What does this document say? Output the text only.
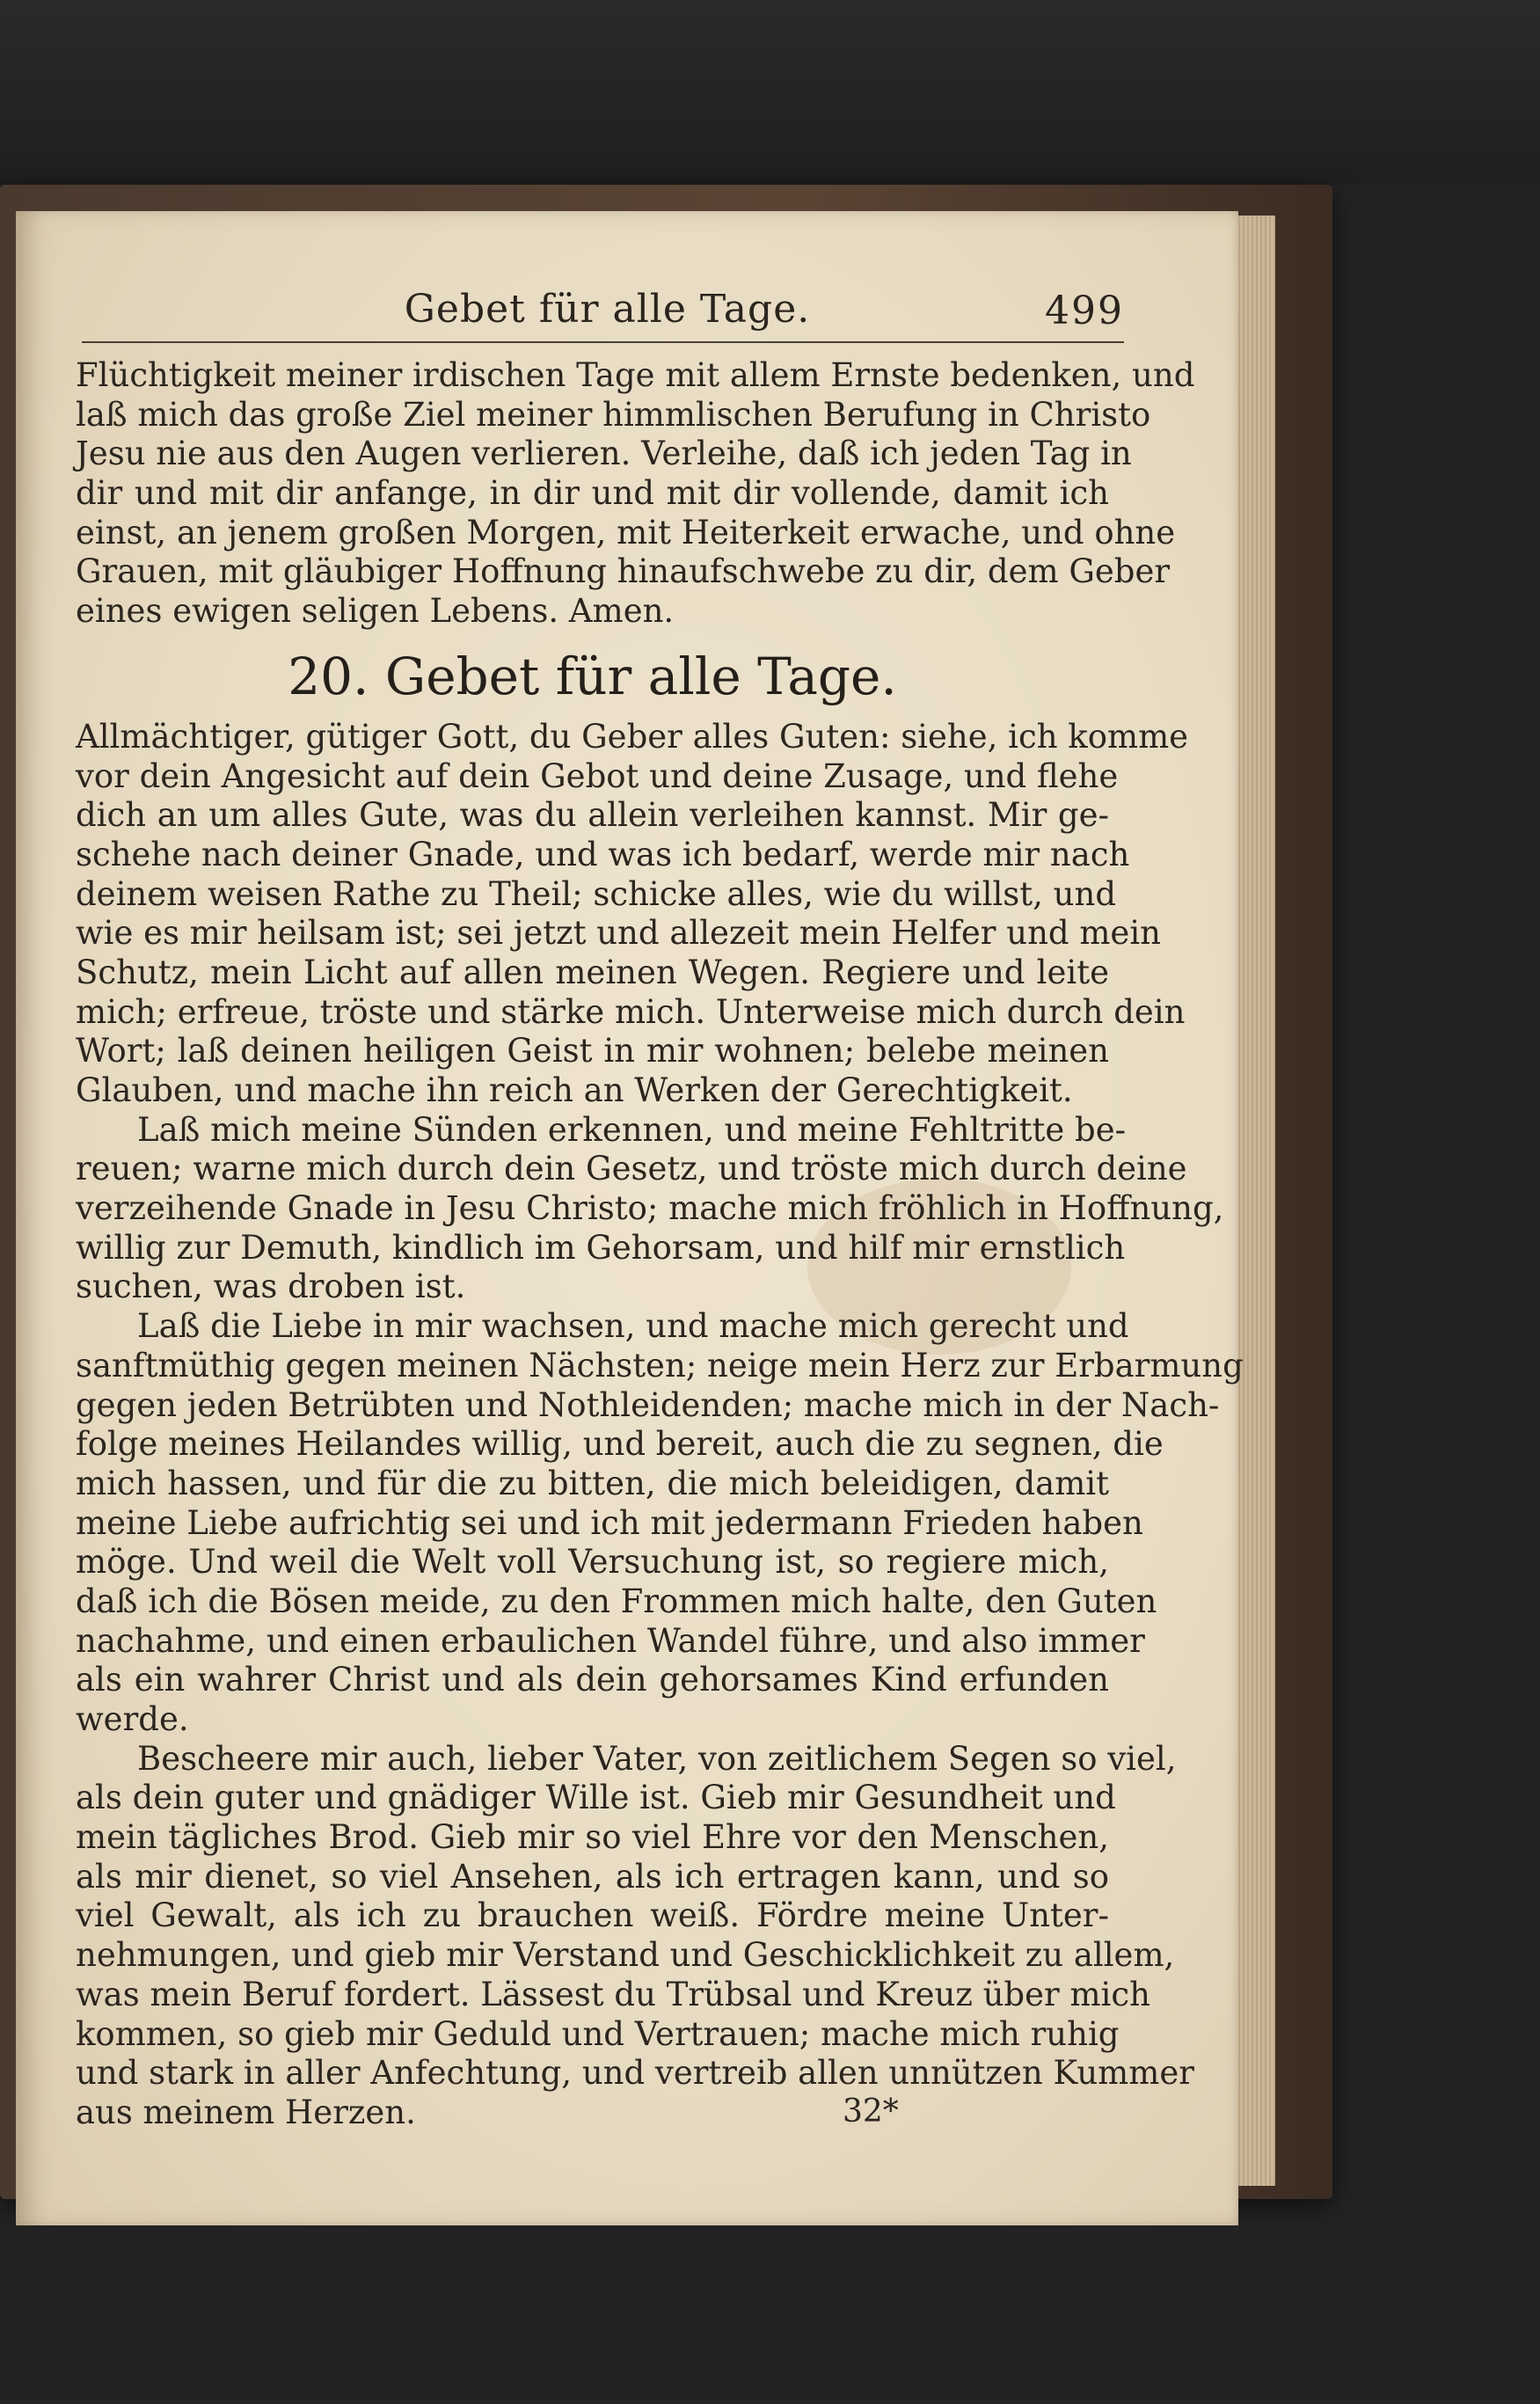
Gebet für alle Tage.	499
Flüchtigkeit meiner irdischen Tage mit allem Ernste bedenken, und
laß mich das große Ziel meiner himmlischen Berufung in Christo
Jesu nie aus den Augen verlieren. Verleihe, daß ich jeden Tag in
dir und mit dir anfange, in dir und mit dir vollende, damit ich
einst, an jenem großen Morgen, mit Heiterkeit erwache, und ohne
Grauen, mit gläubiger Hoffnung hinaufschwebe zu dir, dem Geber
eines ewigen seligen Lebens. Amen.
20. Gebet für alle Tage.
Allmächtiger, gütiger Gott, du Geber alles Guten: siehe, ich komme
vor dein Angesicht auf dein Gebot und deine Zusage, und flehe
dich an um alles Gute, was du allein verleihen kannst. Mir ge-
schehe nach deiner Gnade, und was ich bedarf, werde mir nach
deinem weisen Rathe zu Theil; schicke alles, wie du willst, und
wie es mir heilsam ist; sei jetzt und allezeit mein Helfer und mein
Schutz, mein Licht auf allen meinen Wegen. Regiere und leite
mich; erfreue, tröste und stärke mich. Unterweise mich durch dein
Wort; laß deinen heiligen Geist in mir wohnen; belebe meinen
Glauben, und mache ihn reich an Werken der Gerechtigkeit.
Laß mich meine Sünden erkennen, und meine Fehltritte be-
reuen; warne mich durch dein Gesetz, und tröste mich durch deine
verzeihende Gnade in Jesu Christo; mache mich fröhlich in Hoffnung,
willig zur Demuth, kindlich im Gehorsam, und hilf mir ernstlich
suchen, was droben ist.
Laß die Liebe in mir wachsen, und mache mich gerecht und
sanftmüthig gegen meinen Nächsten; neige mein Herz zur Erbarmung
gegen jeden Betrübten und Nothleidenden; mache mich in der Nach-
folge meines Heilandes willig, und bereit, auch die zu segnen, die
mich hassen, und für die zu bitten, die mich beleidigen, damit
meine Liebe aufrichtig sei und ich mit jedermann Frieden haben
möge. Und weil die Welt voll Versuchung ist, so regiere mich,
daß ich die Bösen meide, zu den Frommen mich halte, den Guten
nachahme, und einen erbaulichen Wandel führe, und also immer
als ein wahrer Christ und als dein gehorsames Kind erfunden
werde.
Bescheere mir auch, lieber Vater, von zeitlichem Segen so viel,
als dein guter und gnädiger Wille ist. Gieb mir Gesundheit und
mein tägliches Brod. Gieb mir so viel Ehre vor den Menschen,
als mir dienet, so viel Ansehen, als ich ertragen kann, und so
viel Gewalt, als ich zu brauchen weiß. Fördre meine Unter-
nehmungen, und gieb mir Verstand und Geschicklichkeit zu allem,
was mein Beruf fordert. Lässest du Trübsal und Kreuz über mich
kommen, so gieb mir Geduld und Vertrauen; mache mich ruhig
und stark in aller Anfechtung, und vertreib allen unnützen Kummer
aus meinem Herzen.	32*
